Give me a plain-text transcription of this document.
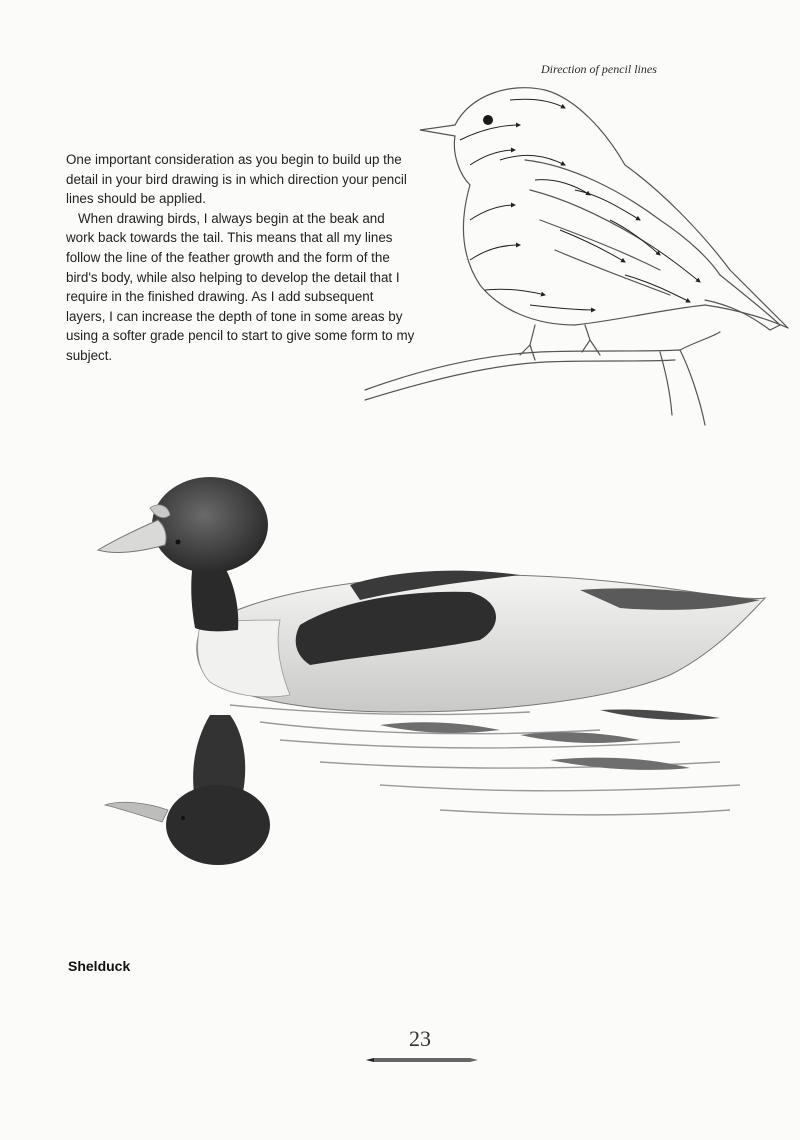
Direction of pencil lines

One important consideration as you begin to build up the detail in your bird drawing is in which direction your pencil lines should be applied.

When drawing birds, I always begin at the beak and work back towards the tail. This means that all my lines follow the line of the feather growth and the form of the bird's body, while also helping to develop the detail that I require in the finished drawing. As I add subsequent layers, I can increase the depth of tone in some areas by using a softer grade pencil to start to give some form to my subject.

Shelduck
23
